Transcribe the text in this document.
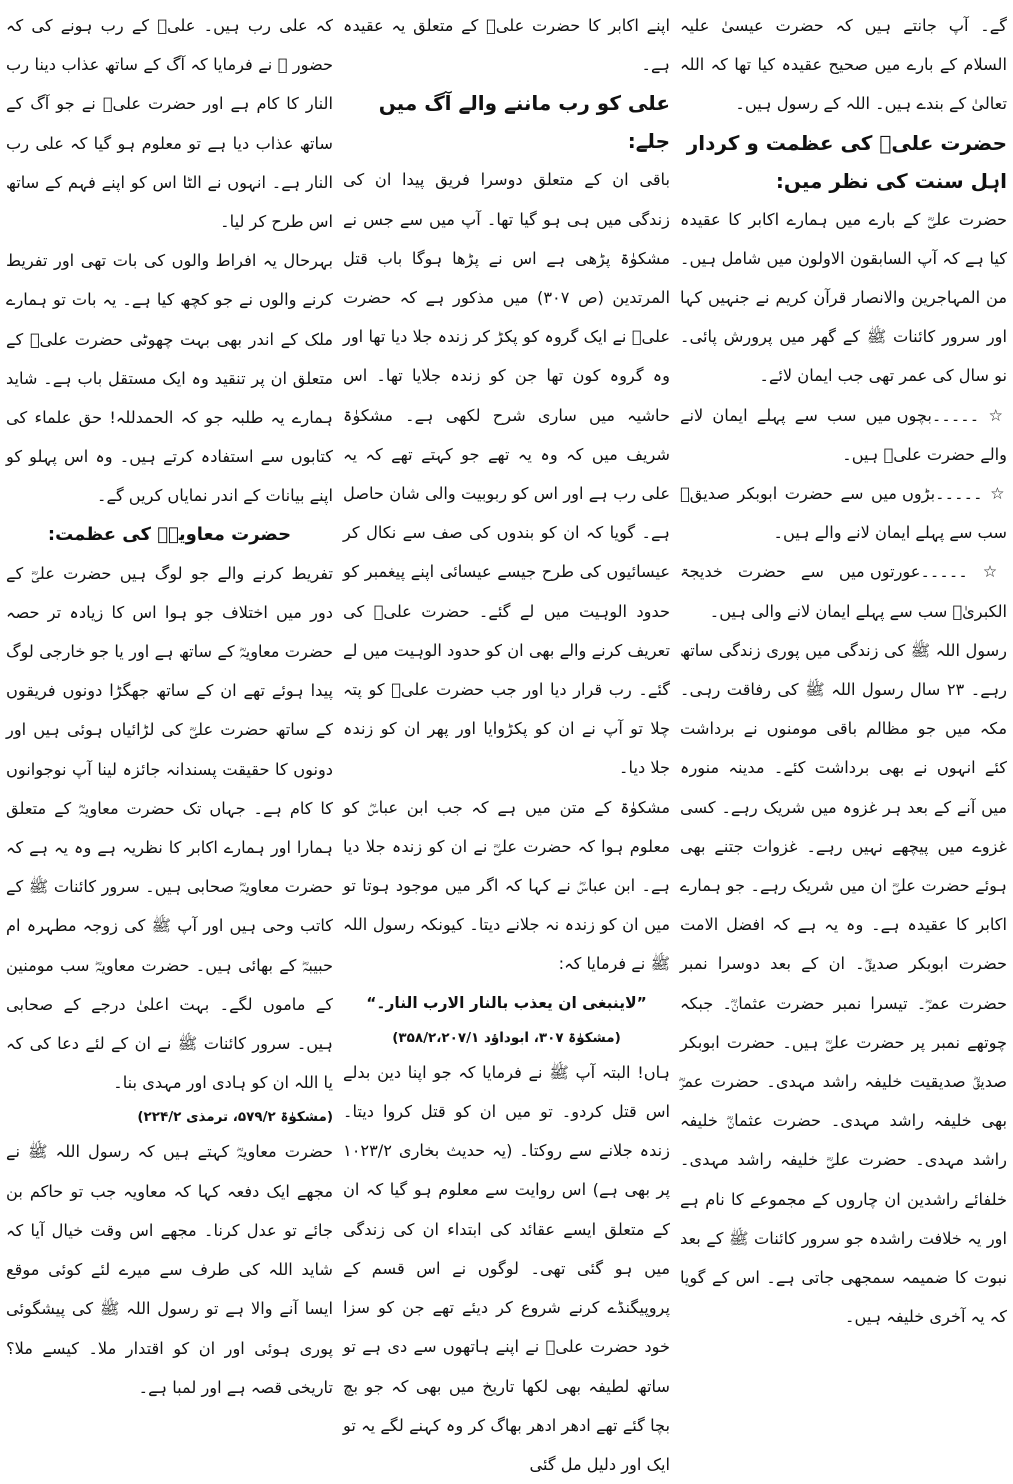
گے۔ آپ جانتے ہیں کہ حضرت عیسیٰ علیہ السلام کے بارے میں صحیح عقیدہ کیا تھا کہ اللہ تعالیٰ کے بندے ہیں۔ اللہ کے رسول ہیں۔

حضرت علیؓ کی عظمت و کردار اہل سنت کی نظر میں:

حضرت علیؓ کے بارے میں ہمارے اکابر کا عقیدہ کیا ہے کہ آپ السابقون الاولون میں شامل ہیں۔ من المہاجرین والانصار قرآن کریم نے جنہیں کہا اور سرور کائنات ﷺ کے گھر میں پرورش پائی۔ نو سال کی عمر تھی جب ایمان لائے۔

☆ ۔۔۔۔۔بچوں میں سب سے پہلے ایمان لانے والے حضرت علیؓ ہیں۔

☆ ۔۔۔۔۔بڑوں میں سے حضرت ابوبکر صدیقؓ سب سے پہلے ایمان لانے والے ہیں۔

☆ ۔۔۔۔۔عورتوں میں سے حضرت خدیجۃ الکبریٰؓ سب سے پہلے ایمان لانے والی ہیں۔

رسول اللہ ﷺ کی زندگی میں پوری زندگی ساتھ رہے۔ ۲۳ سال رسول اللہ ﷺ کی رفاقت رہی۔ مکہ میں جو مظالم باقی مومنوں نے برداشت کئے انہوں نے بھی برداشت کئے۔ مدینہ منورہ میں آنے کے بعد ہر غزوہ میں شریک رہے۔ کسی غزوے میں پیچھے نہیں رہے۔ غزوات جتنے بھی ہوئے حضرت علیؓ ان میں شریک رہے۔ جو ہمارے اکابر کا عقیدہ ہے۔ وہ یہ ہے کہ افضل الامت حضرت ابوبکر صدیقؓ۔ ان کے بعد دوسرا نمبر حضرت عمرؓ۔ تیسرا نمبر حضرت عثمانؓ۔ جبکہ چوتھے نمبر پر حضرت علیؓ ہیں۔ حضرت ابوبکر صدیقؓ صدیقیت خلیفہ راشد مہدی۔ حضرت عمرؓ بھی خلیفہ راشد مہدی۔ حضرت عثمانؓ خلیفہ راشد مہدی۔ حضرت علیؓ خلیفہ راشد مہدی۔ خلفائے راشدین ان چاروں کے مجموعے کا نام ہے اور یہ خلافت راشدہ جو سرور کائنات ﷺ کے بعد نبوت کا ضمیمہ سمجھی جاتی ہے۔ اس کے گویا کہ یہ آخری خلیفہ ہیں۔

اپنے اکابر کا حضرت علیؓ کے متعلق یہ عقیدہ ہے۔

علی کو رب ماننے والے آگ میں جلے:

باقی ان کے متعلق دوسرا فریق پیدا ان کی زندگی میں ہی ہو گیا تھا۔ آپ میں سے جس نے مشکوٰۃ پڑھی ہے اس نے پڑھا ہوگا باب قتل المرتدین (ص ۳۰۷) میں مذکور ہے کہ حضرت علیؓ نے ایک گروہ کو پکڑ کر زندہ جلا دیا تھا اور وہ گروہ کون تھا جن کو زندہ جلایا تھا۔ اس حاشیہ میں ساری شرح لکھی ہے۔ مشکوٰۃ شریف میں کہ وہ یہ تھے جو کہتے تھے کہ یہ علی رب ہے اور اس کو ربوبیت والی شان حاصل ہے۔ گویا کہ ان کو بندوں کی صف سے نکال کر عیسائیوں کی طرح جیسے عیسائی اپنے پیغمبر کو حدود الوہیت میں لے گئے۔ حضرت علیؓ کی تعریف کرنے والے بھی ان کو حدود الوہیت میں لے گئے۔ رب قرار دیا اور جب حضرت علیؓ کو پتہ چلا تو آپ نے ان کو پکڑوایا اور پھر ان کو زندہ جلا دیا۔

مشکوٰۃ کے متن میں ہے کہ جب ابن عباسؓ کو معلوم ہوا کہ حضرت علیؓ نے ان کو زندہ جلا دیا ہے۔ ابن عباسؓ نے کہا کہ اگر میں موجود ہوتا تو میں ان کو زندہ نہ جلانے دیتا۔ کیونکہ رسول اللہ ﷺ نے فرمایا کہ:

”لاینبغی ان یعذب بالنار الارب النار۔“

(مشکوٰۃ ۳۰۷، ابوداؤد ۳۵۸/۲،۲۰۷/۱)

ہاں! البتہ آپ ﷺ نے فرمایا کہ جو اپنا دین بدلے اس قتل کردو۔ تو میں ان کو قتل کروا دیتا۔ زندہ جلانے سے روکتا۔ (یہ حدیث بخاری ۱۰۲۳/۲ پر بھی ہے) اس روایت سے معلوم ہو گیا کہ ان کے متعلق ایسے عقائد کی ابتداء ان کی زندگی میں ہو گئی تھی۔ لوگوں نے اس قسم کے پروپیگنڈے کرنے شروع کر دیئے تھے جن کو سزا خود حضرت علیؓ نے اپنے ہاتھوں سے دی ہے تو ساتھ لطیفہ بھی لکھا تاریخ میں بھی کہ جو بچ بچا گئے تھے ادھر ادھر بھاگ کر وہ کہنے لگے یہ تو ایک اور دلیل مل گئی

کہ علی رب ہیں۔ علیؓ کے رب ہونے کی کہ حضور ﷺ نے فرمایا کہ آگ کے ساتھ عذاب دینا رب النار کا کام ہے اور حضرت علیؓ نے جو آگ کے ساتھ عذاب دیا ہے تو معلوم ہو گیا کہ علی رب النار ہے۔ انہوں نے الٹا اس کو اپنے فہم کے ساتھ اس طرح کر لیا۔

بہرحال یہ افراط والوں کی بات تھی اور تفریط کرنے والوں نے جو کچھ کیا ہے۔ یہ بات تو ہمارے ملک کے اندر بھی بہت چھوٹی حضرت علیؓ کے متعلق ان پر تنقید وہ ایک مستقل باب ہے۔ شاید ہمارے یہ طلبہ جو کہ الحمدللہ! حق علماء کی کتابوں سے استفادہ کرتے ہیں۔ وہ اس پہلو کو اپنے بیانات کے اندر نمایاں کریں گے۔

حضرت معاویہؓ کی عظمت:

تفریط کرنے والے جو لوگ ہیں حضرت علیؓ کے دور میں اختلاف جو ہوا اس کا زیادہ تر حصہ حضرت معاویہؓ کے ساتھ ہے اور یا جو خارجی لوگ پیدا ہوئے تھے ان کے ساتھ جھگڑا دونوں فریقوں کے ساتھ حضرت علیؓ کی لڑائیاں ہوئی ہیں اور دونوں کا حقیقت پسندانہ جائزہ لینا آپ نوجوانوں کا کام ہے۔ جہاں تک حضرت معاویہؓ کے متعلق ہمارا اور ہمارے اکابر کا نظریہ ہے وہ یہ ہے کہ حضرت معاویہؓ صحابی ہیں۔ سرور کائنات ﷺ کے کاتب وحی ہیں اور آپ ﷺ کی زوجہ مطہرہ ام حبیبہؓ کے بھائی ہیں۔ حضرت معاویہؓ سب مومنین کے ماموں لگے۔ بہت اعلیٰ درجے کے صحابی ہیں۔ سرور کائنات ﷺ نے ان کے لئے دعا کی کہ یا اللہ ان کو ہادی اور مہدی بنا۔

(مشکوٰۃ ۵۷۹/۲، ترمذی ۲۲۴/۲)

حضرت معاویہؓ کہتے ہیں کہ رسول اللہ ﷺ نے مجھے ایک دفعہ کہا کہ معاویہ جب تو حاکم بن جائے تو عدل کرنا۔ مجھے اس وقت خیال آیا کہ شاید اللہ کی طرف سے میرے لئے کوئی موقع ایسا آنے والا ہے تو رسول اللہ ﷺ کی پیشگوئی پوری ہوئی اور ان کو اقتدار ملا۔ کیسے ملا؟ تاریخی قصہ ہے اور لمبا ہے۔
